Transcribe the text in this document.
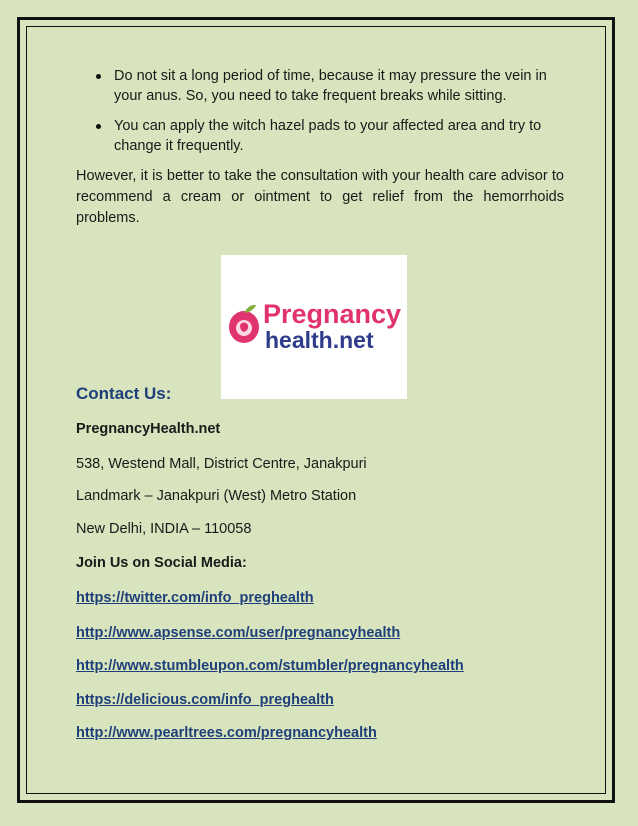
Do not sit a long period of time, because it may pressure the vein in your anus. So, you need to take frequent breaks while sitting.
You can apply the witch hazel pads to your affected area and try to change it frequently.

However, it is better to take the consultation with your health care advisor to recommend a cream or ointment to get relief from the hemorrhoids problems.

Pregnancy
health.net
Contact Us:
PregnancyHealth.net
538, Westend Mall, District Centre, Janakpuri
Landmark – Janakpuri (West) Metro Station
New Delhi, INDIA – 110058
Join Us on Social Media:
https://twitter.com/info_preghealth
http://www.apsense.com/user/pregnancyhealth
http://www.stumbleupon.com/stumbler/pregnancyhealth
https://delicious.com/info_preghealth
http://www.pearltrees.com/pregnancyhealth
